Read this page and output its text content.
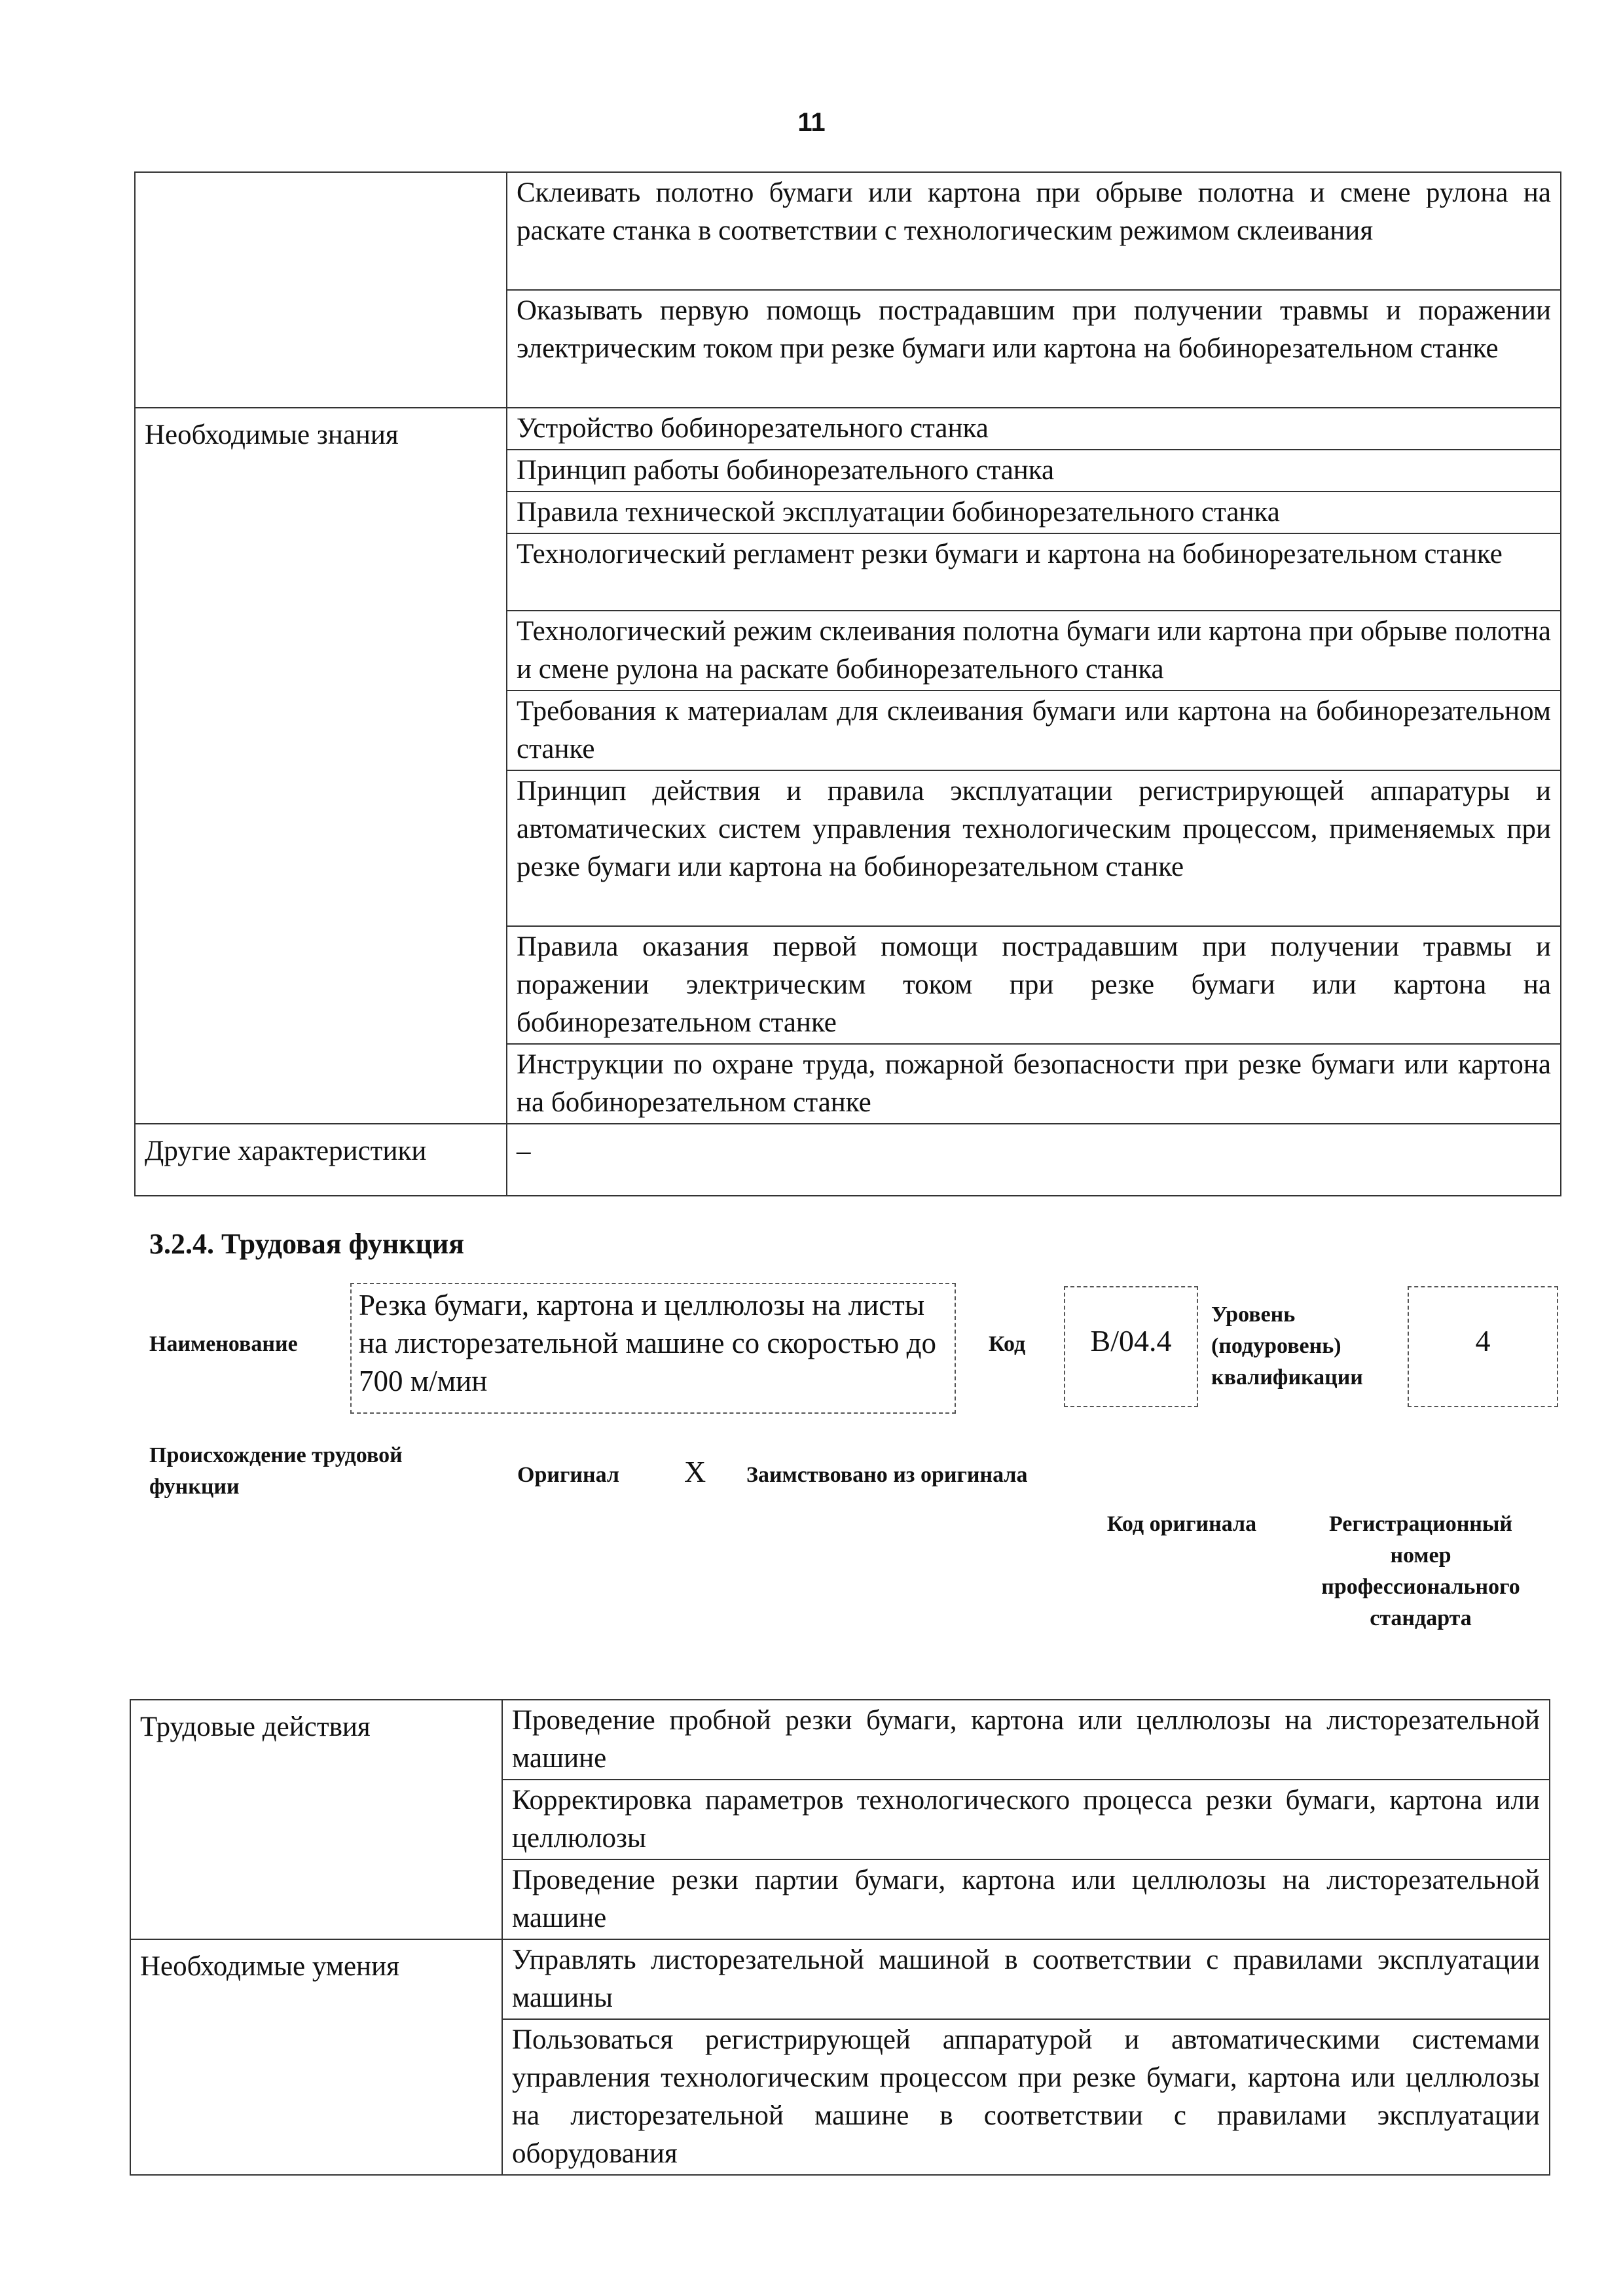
11
	Склеивать полотно бумаги или картона при обрыве полотна и смене рулона на раскате станка в соответствии с технологическим режимом склеивания
	Оказывать первую помощь пострадавшим при получении травмы и поражении электрическим током при резке бумаги или картона на бобинорезательном станке
Необходимые знания	Устройство бобинорезательного станка
	Принцип работы бобинорезательного станка
	Правила технической эксплуатации бобинорезательного станка
	Технологический регламент резки бумаги и картона на бобинорезательном станке
	Технологический режим склеивания полотна бумаги или картона при обрыве полотна и смене рулона на раскате бобинорезательного станка
	Требования к материалам для склеивания бумаги или картона на бобинорезательном станке
	Принцип действия и правила эксплуатации регистрирующей аппаратуры и автоматических систем управления технологическим процессом, применяемых при резке бумаги или картона на бобинорезательном станке
	Правила оказания первой помощи пострадавшим при получении травмы и поражении электрическим током при резке бумаги или картона на бобинорезательном станке
	Инструкции по охране труда, пожарной безопасности при резке бумаги или картона на бобинорезательном станке
Другие характеристики	–
3.2.4. Трудовая функция
Наименование
Резка бумаги, картона и целлюлозы на листы на листорезательной машине со скоростью до 700 м/мин
Код	В/04.4
Уровень (подуровень) квалификации
4
Происхождение трудовой функции	Оригинал X Заимствовано из оригинала
Код оригинала	Регистрационный номер профессионального стандарта
Трудовые действия	Проведение пробной резки бумаги, картона или целлюлозы на листорезательной машине
	Корректировка параметров технологического процесса резки бумаги, картона или целлюлозы
	Проведение резки партии бумаги, картона или целлюлозы на листорезательной машине
Необходимые умения	Управлять листорезательной машиной в соответствии с правилами эксплуатации машины
	Пользоваться регистрирующей аппаратурой и автоматическими системами управления технологическим процессом при резке бумаги, картона или целлюлозы на листорезательной машине в соответствии с правилами эксплуатации оборудования
